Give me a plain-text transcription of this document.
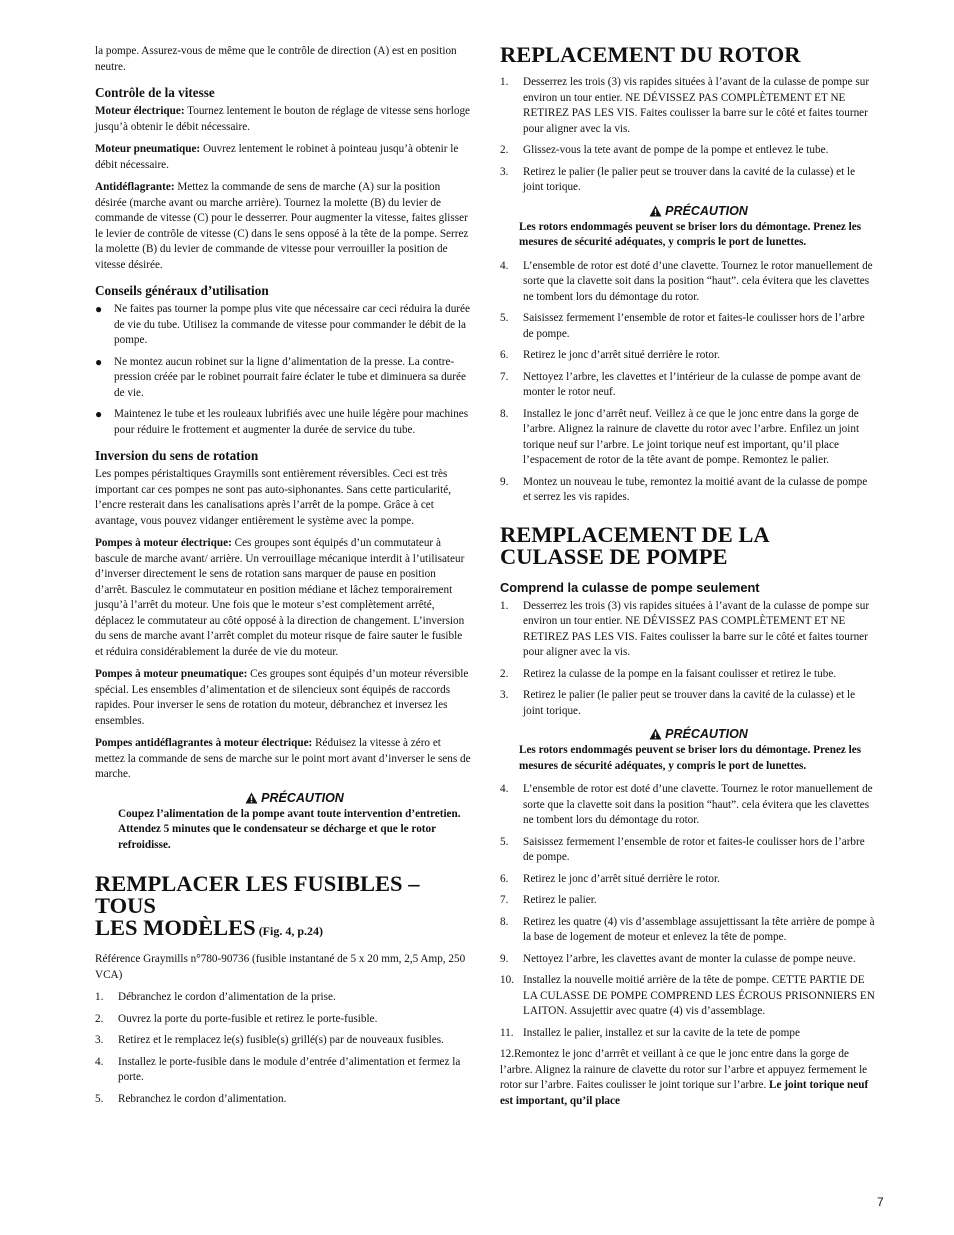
la pompe. Assurez-vous de même que le contrôle de direction (A) est en position neutre.

Contrôle de la vitesse

Moteur électrique: Tournez lentement le bouton de réglage de vitesse sens horloge jusqu’à obtenir le débit nécessaire.

Moteur pneumatique: Ouvrez lentement le robinet à pointeau jusqu’à obtenir le débit nécessaire.

Antidéflagrante: Mettez la commande de sens de marche (A) sur la position désirée (marche avant ou marche arrière). Tournez la molette (B) du levier de commande de vitesse (C) pour le desserrer. Pour augmenter la vitesse, faites glisser le levier de contrôle de vitesse (C) dans le sens opposé à la tête de la pompe. Serrez la molette (B) du levier de commande de vitesse pour verrouiller la position de vitesse désirée.

Conseils généraux d’utilisation
● Ne faites pas tourner la pompe plus vite que nécessaire car ceci réduira la durée de vie du tube. Utilisez la commande de vitesse pour commander le débit de la pompe.
● Ne montez aucun robinet sur la ligne d’alimentation de la presse. La contre-pression créée par le robinet pourrait faire éclater le tube et diminuera sa durée de vie.
● Maintenez le tube et les rouleaux lubrifiés avec une huile légère pour machines pour réduire le frottement et augmenter la durée de service du tube.
Inversion du sens de rotation

Les pompes péristaltiques Graymills sont entièrement réversibles. Ceci est très important car ces pompes ne sont pas auto-siphonantes. Sans cette particularité, l’encre resterait dans les canalisations après l’arrêt de la pompe. Grâce à cet avantage, vous pouvez vidanger entièrement le système avec la pompe.

Pompes à moteur électrique: Ces groupes sont équipés d’un commutateur à bascule de marche avant/ arrière. Un verrouillage mécanique interdit à l’utilisateur d’inverser directement le sens de rotation sans marquer de pause en position d’arrêt. Basculez le commutateur en position médiane et lâchez temporairement jusqu’à l’arrêt du moteur. Une fois que le moteur s’est complètement arrêté, déplacez le commutateur au côté opposé à la direction de changement. L’inversion du sens de marche avant l’arrêt complet du moteur risque de faire sauter le fusible et réduira considérablement la durée de vie du moteur.

Pompes à moteur pneumatique: Ces groupes sont équipés d’un moteur réversible spécial. Les ensembles d’alimentation et de silencieux sont équipés de raccords rapides. Pour inverser le sens de rotation du moteur, débranchez et inversez les ensembles.

Pompes antidéflagrantes à moteur électrique: Réduisez la vitesse à zéro et mettez la commande de sens de marche sur le point mort avant d’inverser le sens de marche.

PRÉCAUTION
Coupez l’alimentation de la pompe avant toute intervention d’entretien. Attendez 5 minutes que le condensateur se décharge et que le rotor refroidisse.
REMPLACER LES FUSIBLES – TOUS
LES MODÈLES (Fig. 4, p.24)

Référence Graymills n°780-90736 (fusible instantané de 5 x 20 mm, 2,5 Amp, 250 VCA)

1. Débranchez le cordon d’alimentation de la prise.
2. Ouvrez la porte du porte-fusible et retirez le porte-fusible.
3. Retirez et le remplacez le(s) fusible(s) grillé(s) par de nouveaux fusibles.
4. Installez le porte-fusible dans le module d’entrée d’alimentation et fermez la porte.
5. Rebranchez le cordon d’alimentation.
REPLACEMENT DU ROTOR
1. Desserrez les trois (3) vis rapides situées à l’avant de la culasse de pompe sur environ un tour entier. NE DÉVISSEZ PAS COMPLÈTEMENT ET NE RETIREZ PAS LES VIS. Faites coulisser la barre sur le côté et faites tourner pour aligner avec la vis.
2. Glissez-vous la tete avant de pompe de la pompe et entlevez le tube.
3. Retirez le palier (le palier peut se trouver dans la cavité de la culasse) et le joint torique.
PRÉCAUTION
Les rotors endommagés peuvent se briser lors du démontage. Prenez les mesures de sécurité adéquates, y compris le port de lunettes.
4. L’ensemble de rotor est doté d’une clavette. Tournez le rotor manuellement de sorte que la clavette soit dans la position “haut”. cela évitera que les clavettes ne tombent lors du démontage du rotor.
5. Saisissez fermement l’ensemble de rotor et faites-le coulisser hors de l’arbre de pompe.
6. Retirez le jonc d’arrêt situé derrière le rotor.
7. Nettoyez l’arbre, les clavettes et l’intérieur de la culasse de pompe avant de monter le rotor neuf.
8. Installez le jonc d’arrêt neuf. Veillez à ce que le jonc entre dans la gorge de l’arbre. Alignez la rainure de clavette du rotor avec l’arbre. Enfilez un joint torique neuf sur l’arbre. Le joint torique neuf est important, qu’il place l’espacement de rotor de la tête avant de pompe. Remontez le palier.
9. Montez un nouveau le tube, remontez la moitié avant de la culasse de pompe et serrez les vis rapides.
REMPLACEMENT DE LA
CULASSE DE POMPE
Comprend la culasse de pompe seulement
1. Desserrez les trois (3) vis rapides situées à l’avant de la culasse de pompe sur environ un tour entier. NE DÉVISSEZ PAS COMPLÈTEMENT ET NE RETIREZ PAS LES VIS. Faites coulisser la barre sur le côté et faites tourner pour aligner avec la vis.
2. Retirez la culasse de la pompe en la faisant coulisser et retirez le tube.
3. Retirez le palier (le palier peut se trouver dans la cavité de la culasse) et le joint torique.
PRÉCAUTION
Les rotors endommagés peuvent se briser lors du démontage. Prenez les mesures de sécurité adéquates, y compris le port de lunettes.
4. L’ensemble de rotor est doté d’une clavette. Tournez le rotor manuellement de sorte que la clavette soit dans la position “haut”. cela évitera que les clavettes ne tombent lors du démontage du rotor.
5. Saisissez fermement l’ensemble de rotor et faites-le coulisser hors de l’arbre de pompe.
6. Retirez le jonc d’arrêt situé derrière le rotor.
7. Retirez le palier.
8. Retirez les quatre (4) vis d’assemblage assujettissant la tête arrière de pompe à la base de logement de moteur et enlevez la tête de pompe.
9. Nettoyez l’arbre, les clavettes avant de monter la culasse de pompe neuve.
10. Installez la nouvelle moitié arrière de la tête de pompe. CETTE PARTIE DE LA CULASSE DE POMPE COMPREND LES ÉCROUS PRISONNIERS EN LAITON. Assujettir avec quatre (4) vis d’assemblage.
11. Installez le palier, installez et sur la cavite de la tete de pompe

12.Remontez le jonc d’arrrêt et veillant à ce que le jonc entre dans la gorge de l’arbre. Alignez la rainure de clavette du rotor sur l’arbre et appuyez fermement le rotor sur l’arbre. Faites coulisser le joint torique sur l’arbre. Le joint torique neuf est important, qu’il place

7
